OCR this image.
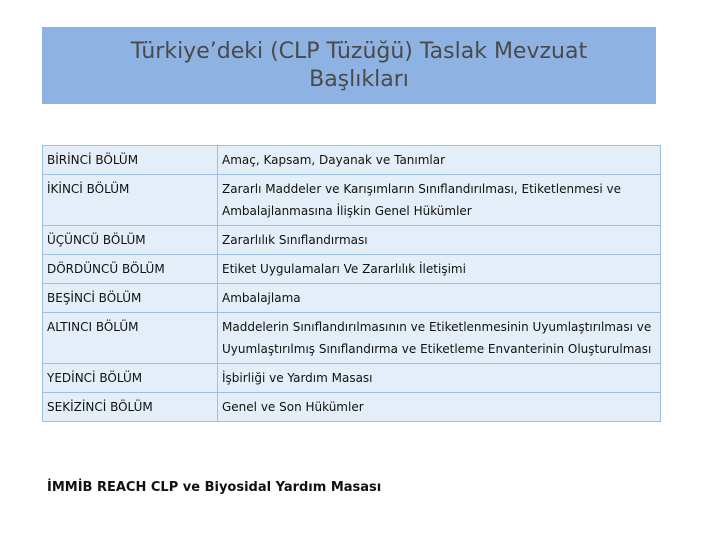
Türkiye’deki (CLP Tüzüğü) Taslak Mevzuat
Başlıkları
BİRİNCİ BÖLÜM	Amaç, Kapsam, Dayanak ve Tanımlar
İKİNCİ BÖLÜM	Zararlı Maddeler ve Karışımların Sınıflandırılması, Etiketlenmesi ve Ambalajlanmasına İlişkin Genel Hükümler
ÜÇÜNCÜ BÖLÜM	Zararlılık Sınıflandırması
DÖRDÜNCÜ BÖLÜM	Etiket Uygulamaları Ve Zararlılık İletişimi
BEŞİNCİ BÖLÜM	Ambalajlama
ALTINCI BÖLÜM	Maddelerin Sınıflandırılmasının ve Etiketlenmesinin Uyumlaştırılması ve Uyumlaştırılmış Sınıflandırma ve Etiketleme Envanterinin Oluşturulması
YEDİNCİ BÖLÜM	İşbirliği ve Yardım Masası
SEKİZİNCİ BÖLÜM	Genel ve Son Hükümler
İMMİB REACH CLP ve Biyosidal Yardım Masası
